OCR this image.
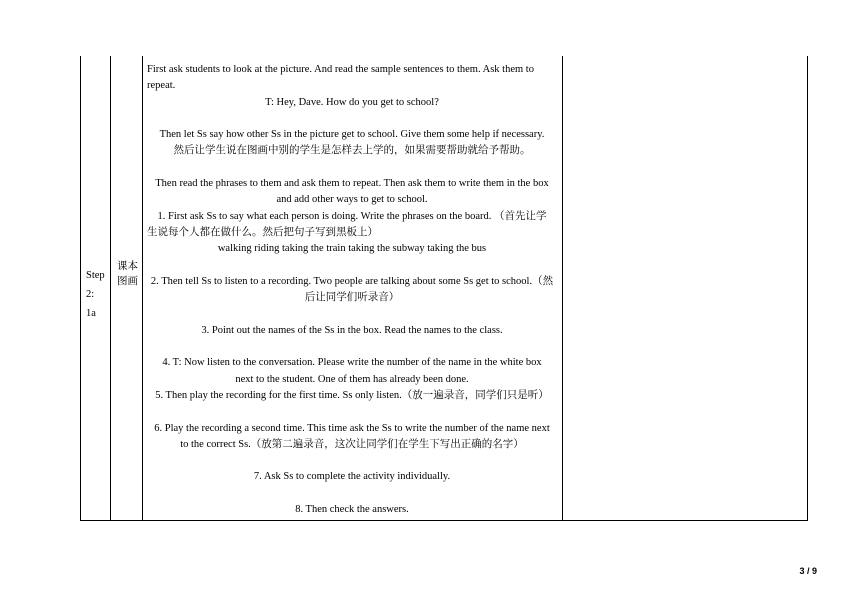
Step
2:
1a
课本
图画

First ask students to look at the picture. And read the sample sentences to them. Ask them to

repeat.

T: Hey, Dave. How do you get to school?

Then let Ss say how other Ss in the picture get to school. Give them some help if necessary.

然后让学生说在图画中别的学生是怎样去上学的，如果需要帮助就给予帮助。

Then read the phrases to them and ask them to repeat. Then ask them to write them in the box

and add other ways to get to school.

1. First ask Ss to say what each person is doing. Write the phrases on the board. （首先让学

生说每个人都在做什么。然后把句子写到黑板上）

walking riding taking the train taking the subway taking the bus

2. Then tell Ss to listen to a recording. Two people are talking about some Ss get to school.（然

后让同学们听录音）

3. Point out the names of the Ss in the box. Read the names to the class.

4. T: Now listen to the conversation. Please write the number of the name in the white box

next to the student. One of them has already been done.

5. Then play the recording for the first time. Ss only listen.（放一遍录音，同学们只是听）

6. Play the recording a second time. This time ask the Ss to write the number of the name next

to the correct Ss.（放第二遍录音，这次让同学们在学生下写出正确的名字）

7. Ask Ss to complete the activity individually.

8. Then check the answers.

3 / 9
